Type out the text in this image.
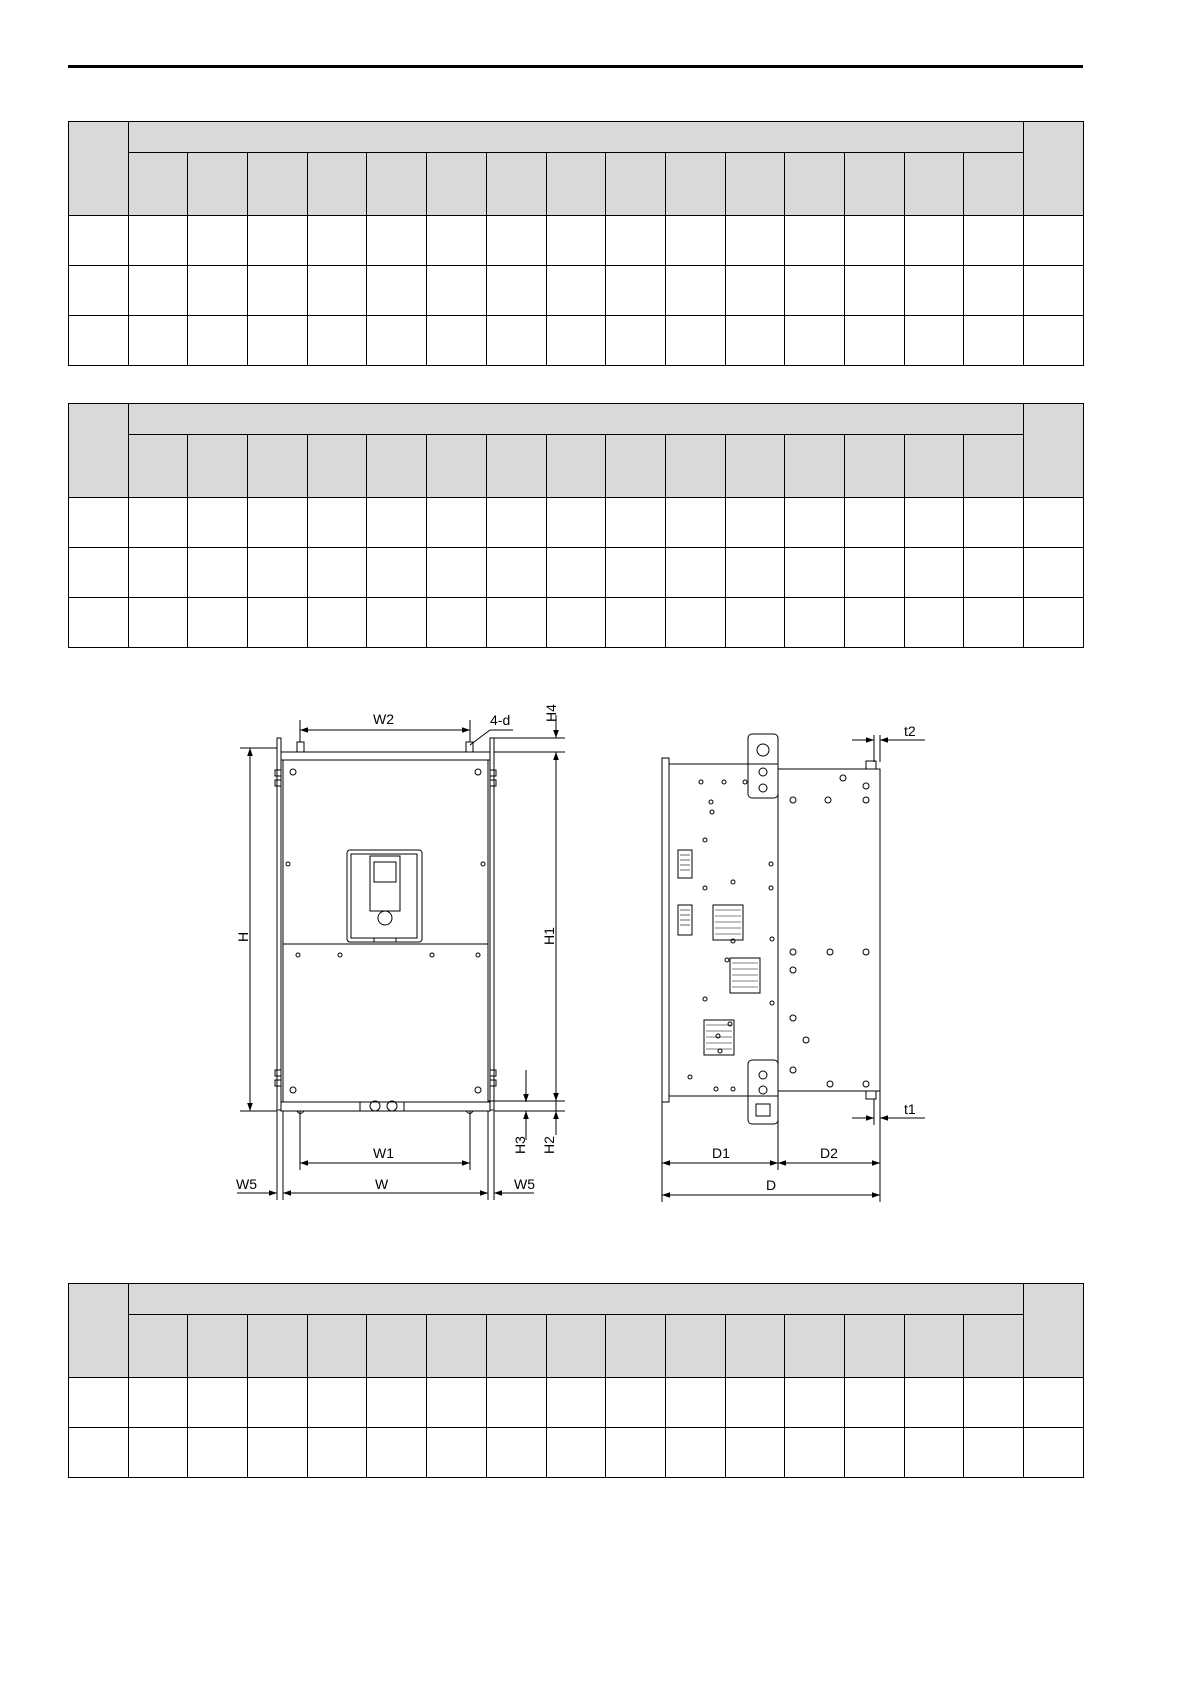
W2	4-d H4
H	H1
H3 H2
W1
W
W5	W5
t2
t1
D1	D2
D
